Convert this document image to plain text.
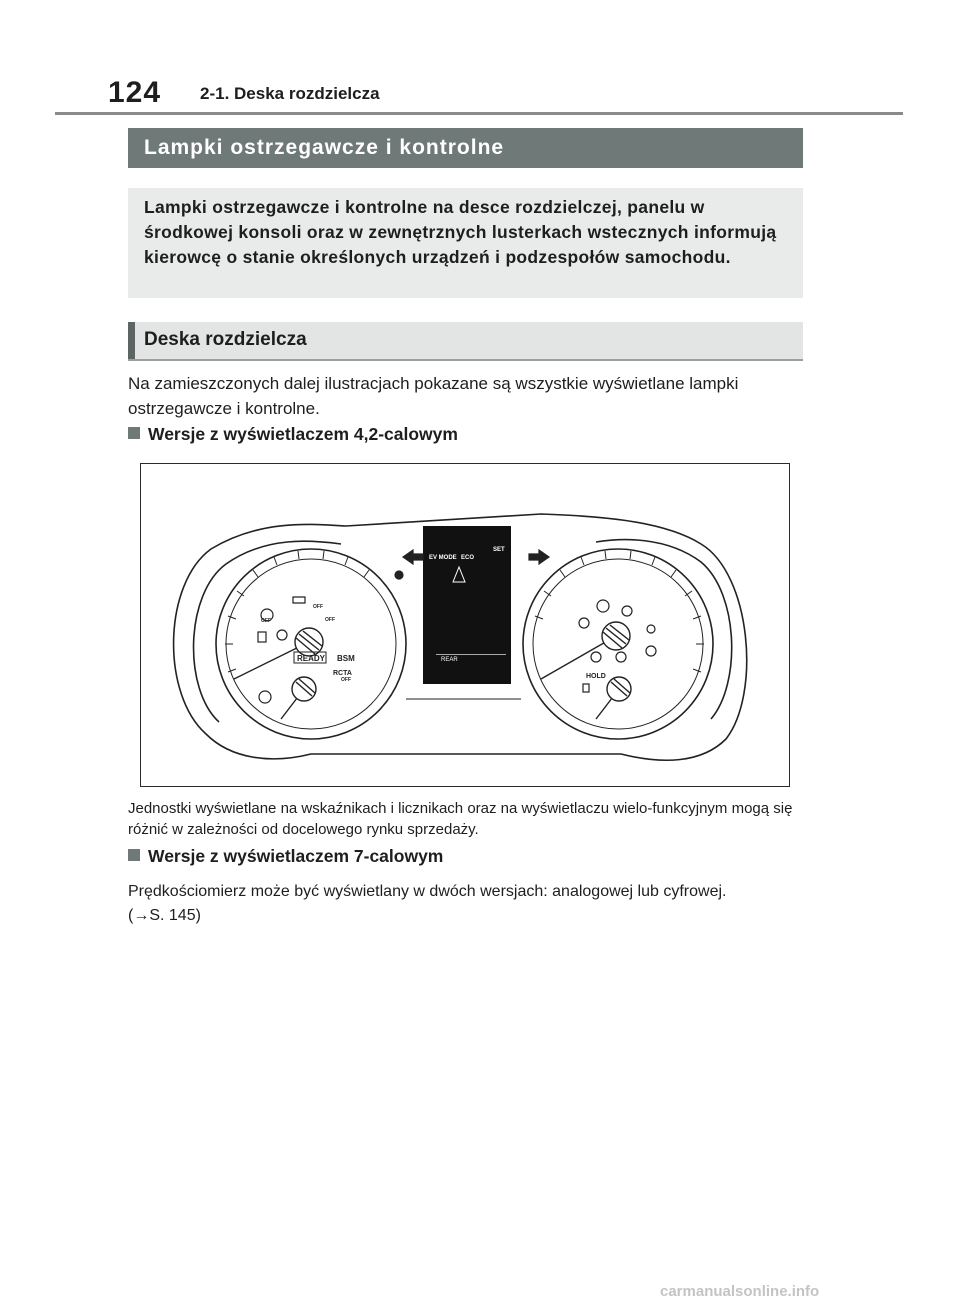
124 2-1. Deska rozdzielcza
Lampki ostrzegawcze i kontrolne
Lampki ostrzegawcze i kontrolne na desce rozdzielczej, panelu w środkowej konsoli oraz w zewnętrznych lusterkach wstecznych informują kierowcę o stanie określonych urządzeń i podzespołów samochodu.
Deska rozdzielcza
Na zamieszczonych dalej ilustracjach pokazane są wszystkie wyświetlane lampki ostrzegawcze i kontrolne.
Wersje z wyświetlaczem 4,2-calowym
EV MODE ECO
SET
REAR
READY BSM
RCTA
OFF
OFF
OFF
OFF
HOLD
Jednostki wyświetlane na wskaźnikach i licznikach oraz na wyświetlaczu wielo-funkcyjnym mogą się różnić w zależności od docelowego rynku sprzedaży.
Wersje z wyświetlaczem 7-calowym
Prędkościomierz może być wyświetlany w dwóch wersjach: analogowej lub cyfrowej.
(→S. 145)
carmanualsonline.info
